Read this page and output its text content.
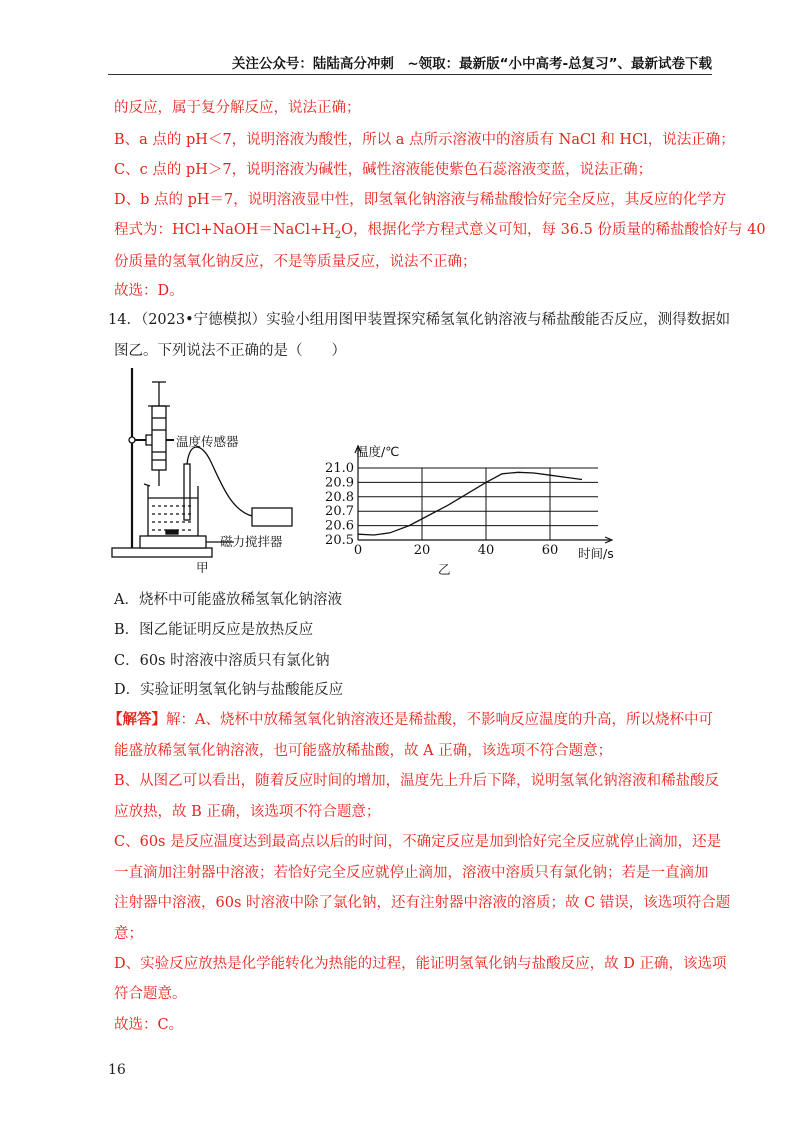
关注公众号：陆陆高分冲刺　~领取：最新版“小中高考-总复习”、最新试卷下载
的反应，属于复分解反应，说法正确；
B、a 点的 pH＜7，说明溶液为酸性，所以 a 点所示溶液中的溶质有 NaCl 和 HCl，说法正确；
C、c 点的 pH＞7，说明溶液为碱性，碱性溶液能使紫色石蕊溶液变蓝，说法正确；
D、b 点的 pH＝7，说明溶液显中性，即氢氧化钠溶液与稀盐酸恰好完全反应，其反应的化学方
程式为：$HCl+NaOH=NaCl+H_2O$，根据化学方程式意义可知，每 36.5 份质量的稀盐酸恰好与 40
份质量的氢氧化钠反应，不是等质量反应，说法不正确；
故选：D。
14．（2023•宁德模拟）实验小组用图甲装置探究稀氢氧化钠溶液与稀盐酸能否反应，测得数据如
图乙。下列说法不正确的是（　　）
温度传感器
磁力搅拌器
甲
温度/℃
时间/s
乙
20.5
20.6
20.7
20.8
20.9
21.0
0	20	40	60
A．烧杯中可能盛放稀氢氧化钠溶液
B．图乙能证明反应是放热反应
C．60s 时溶液中溶质只有氯化钠
D．实验证明氢氧化钠与盐酸能反应
【解答】解：A、烧杯中放稀氢氧化钠溶液还是稀盐酸，不影响反应温度的升高，所以烧杯中可
能盛放稀氢氧化钠溶液，也可能盛放稀盐酸，故 A 正确，该选项不符合题意；
B、从图乙可以看出，随着反应时间的增加，温度先上升后下降，说明氢氧化钠溶液和稀盐酸反
应放热，故 B 正确，该选项不符合题意；
C、60s 是反应温度达到最高点以后的时间，不确定反应是加到恰好完全反应就停止滴加，还是
一直滴加注射器中溶液；若恰好完全反应就停止滴加，溶液中溶质只有氯化钠；若是一直滴加
注射器中溶液，60s 时溶液中除了氯化钠，还有注射器中溶液的溶质；故 C 错误，该选项符合题
意；
D、实验反应放热是化学能转化为热能的过程，能证明氢氧化钠与盐酸反应，故 D 正确，该选项
符合题意。
故选：C。
16
